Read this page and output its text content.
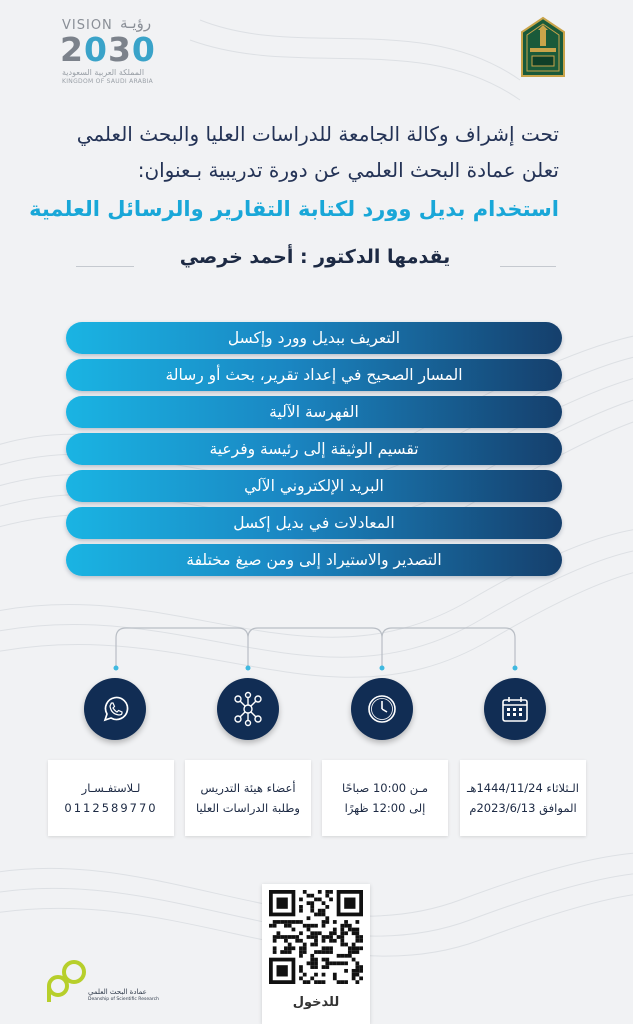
VISION رؤيـة
2030
المملكة العربية السعودية
KINGDOM OF SAUDI ARABIA
تحت إشراف وكالة الجامعة للدراسات العليا والبحث العلمي
تعلن عمادة البحث العلمي عن دورة تدريبية بـعنوان:
استخدام بديل وورد لكتابة التقارير والرسائل العلمية
يقدمها الدكتور : أحمد خرصي
التعريف ببديل وورد وإكسل
المسار الصحيح في إعداد تقرير، بحث أو رسالة
الفهرسة الآلية
تقسيم الوثيقة إلى رئيسة وفرعية
البريد الإلكتروني الآلي
المعادلات في بديل إكسل
التصدير والاستيراد إلى ومن صيغ مختلفة
الـثلاثاء 1444/11/24هـ
الموافق 2023/6/13م
مـن 10:00 صباحًا
إلى 12:00 ظهرًا
أعضاء هيئة التدريس
وطلبة الدراسات العليا
لـلاستفـسـار
0112589770
للدخول
عمادة البحث العلمي
Deanship of Scientific Research
